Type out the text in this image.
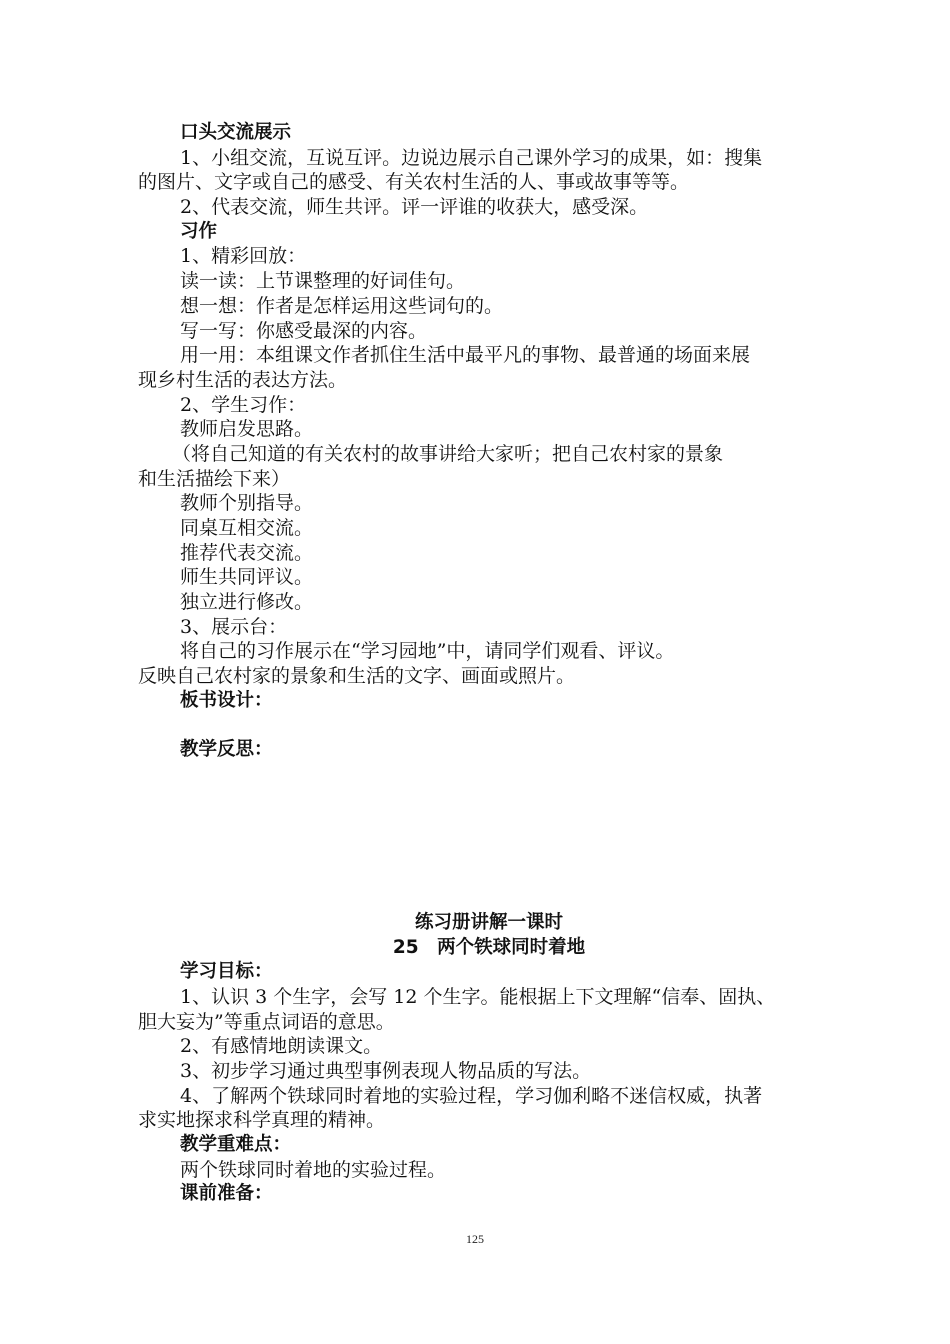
口头交流展示
1、小组交流，互说互评。边说边展示自己课外学习的成果，如：搜集
的图片、文字或自己的感受、有关农村生活的人、事或故事等等。
2、代表交流，师生共评。评一评谁的收获大，感受深。
习作
1、精彩回放：
读一读：上节课整理的好词佳句。
想一想：作者是怎样运用这些词句的。
写一写：你感受最深的内容。
用一用：本组课文作者抓住生活中最平凡的事物、最普通的场面来展
现乡村生活的表达方法。
2、学生习作：
教师启发思路。
（将自己知道的有关农村的故事讲给大家听；把自己农村家的景象
和生活描绘下来）
教师个别指导。
同桌互相交流。
推荐代表交流。
师生共同评议。
独立进行修改。
3、展示台：
将自己的习作展示在“学习园地”中，请同学们观看、评议。
反映自己农村家的景象和生活的文字、画面或照片。
板书设计：
教学反思：
练习册讲解一课时
25　两个铁球同时着地
学习目标：
1、认识 3 个生字，会写 12 个生字。能根据上下文理解“信奉、固执、
胆大妄为”等重点词语的意思。
2、有感情地朗读课文。
3、初步学习通过典型事例表现人物品质的写法。
4、了解两个铁球同时着地的实验过程，学习伽利略不迷信权威，执著
求实地探求科学真理的精神。
教学重难点：
两个铁球同时着地的实验过程。
课前准备：
125
